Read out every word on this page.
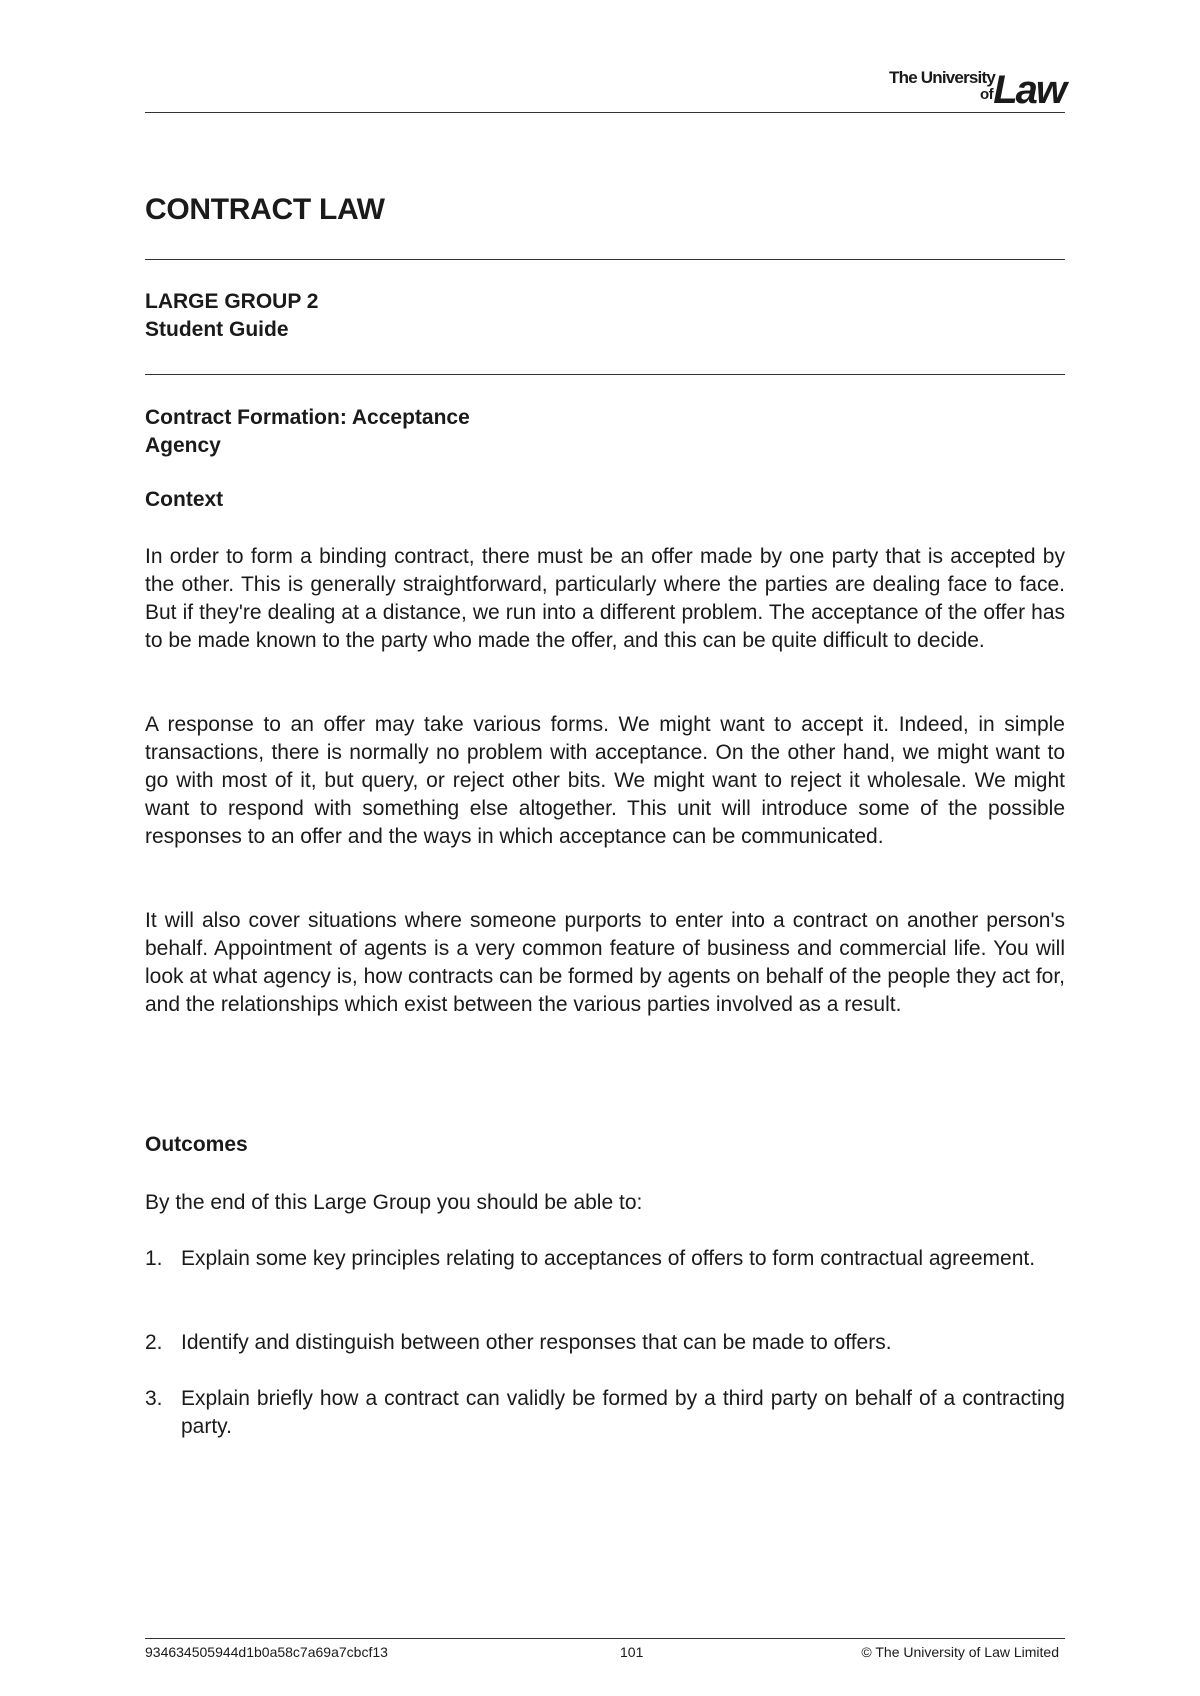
The University
of Law
CONTRACT LAW
LARGE GROUP 2
Student Guide
Contract Formation: Acceptance
Agency
Context

In order to form a binding contract, there must be an offer made by one party that is accepted by the other. This is generally straightforward, particularly where the parties are dealing face to face. But if they're dealing at a distance, we run into a different problem. The acceptance of the offer has to be made known to the party who made the offer, and this can be quite difficult to decide.

A response to an offer may take various forms. We might want to accept it. Indeed, in simple transactions, there is normally no problem with acceptance. On the other hand, we might want to go with most of it, but query, or reject other bits. We might want to reject it wholesale. We might want to respond with something else altogether. This unit will introduce some of the possible responses to an offer and the ways in which acceptance can be communicated.

It will also cover situations where someone purports to enter into a contract on another person's behalf. Appointment of agents is a very common feature of business and commercial life. You will look at what agency is, how contracts can be formed by agents on behalf of the people they act for, and the relationships which exist between the various parties involved as a result.

Outcomes

By the end of this Large Group you should be able to:

1. Explain some key principles relating to acceptances of offers to form contractual agreement.
2. Identify and distinguish between other responses that can be made to offers.
3. Explain briefly how a contract can validly be formed by a third party on behalf of a contracting party.
934634505944d1b0a58c7a69a7cbcf13	101	© The University of Law Limited
